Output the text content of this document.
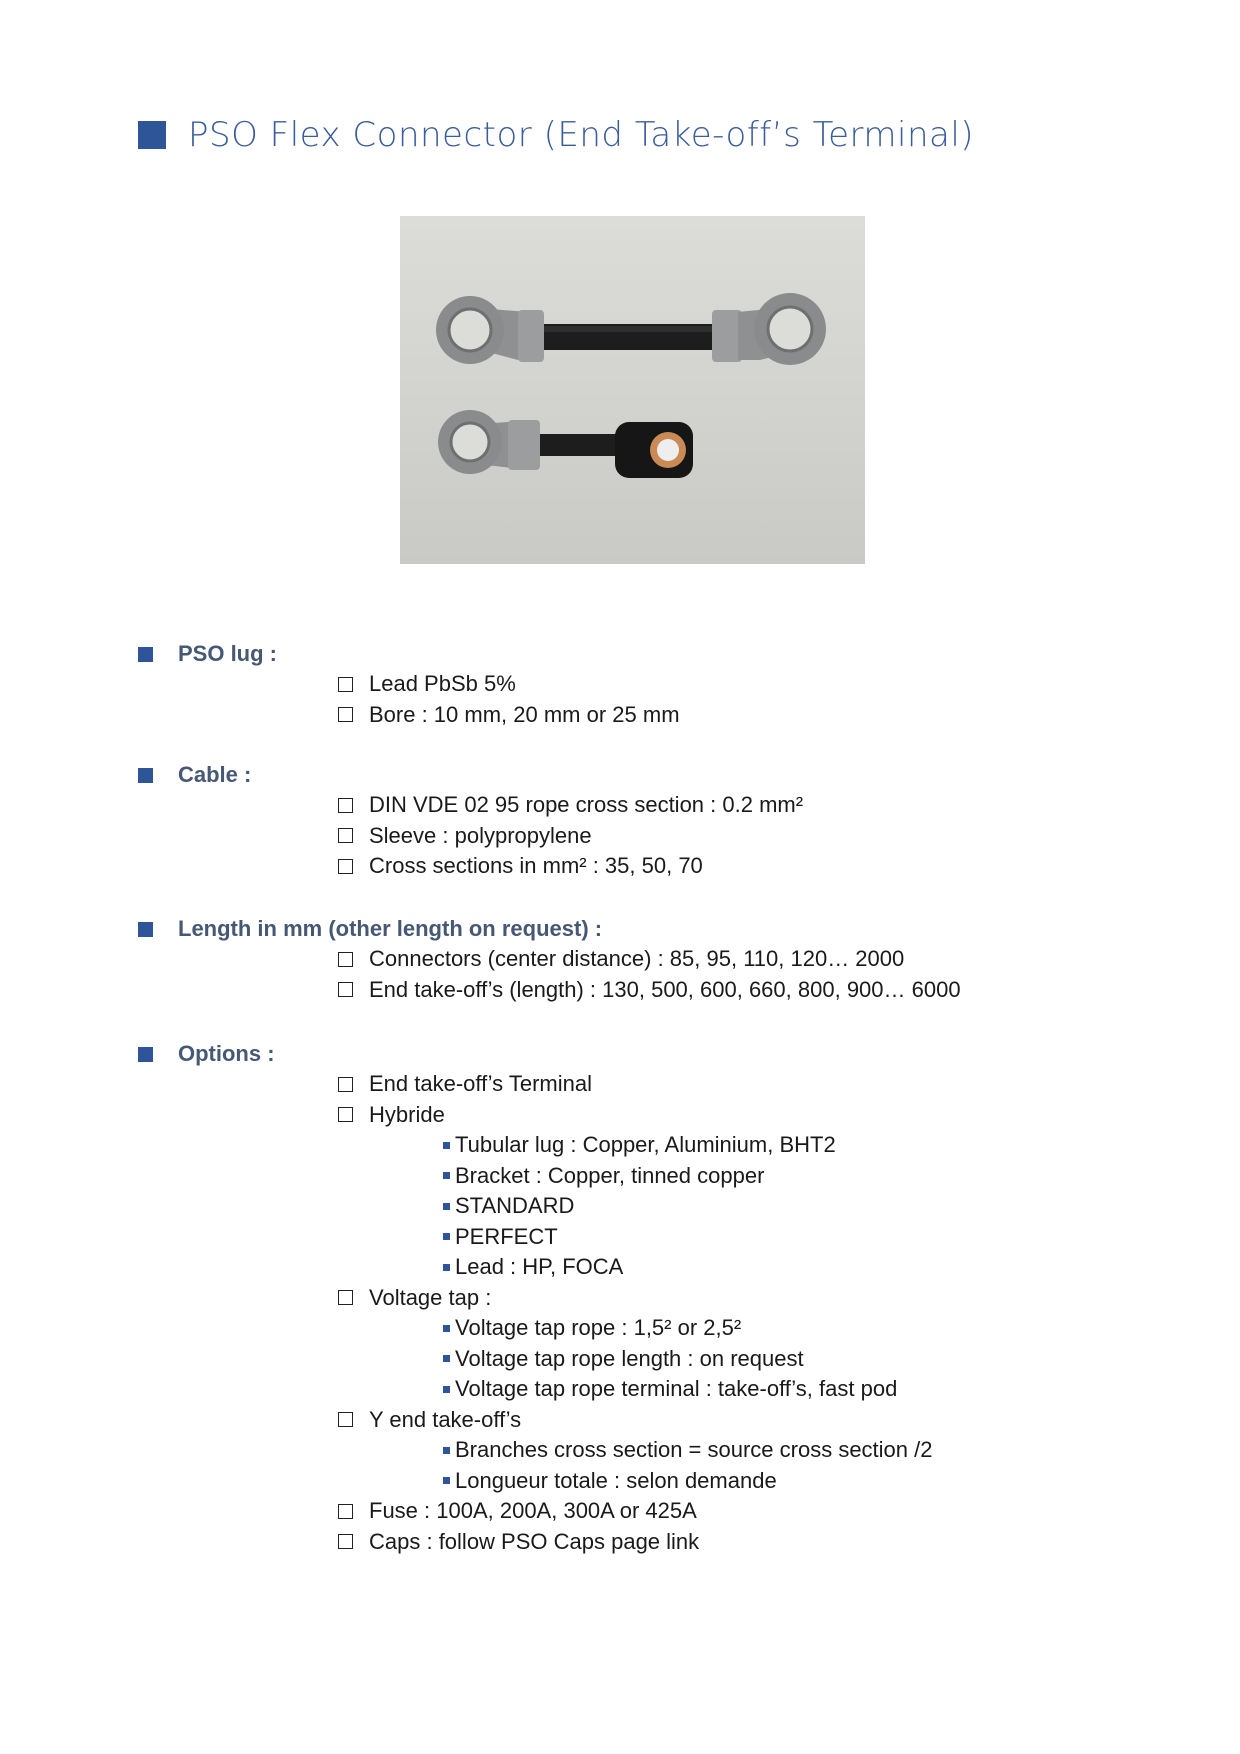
PSO Flex Connector (End Take-off’s Terminal)
PSO lug :
Lead PbSb 5%
Bore : 10 mm, 20 mm or 25 mm
Cable :
DIN VDE 02 95 rope cross section : 0.2 mm²
Sleeve : polypropylene
Cross sections in mm² : 35, 50, 70
Length in mm (other length on request) :
Connectors (center distance) : 85, 95, 110, 120… 2000
End take-off’s (length) : 130, 500, 600, 660, 800, 900… 6000
Options :
End take-off’s Terminal
Hybride
Tubular lug : Copper, Aluminium, BHT2
Bracket : Copper, tinned copper
STANDARD
PERFECT
Lead : HP, FOCA
Voltage tap :
Voltage tap rope : 1,5² or 2,5²
Voltage tap rope length : on request
Voltage tap rope terminal : take-off’s, fast pod
Y end take-off’s
Branches cross section = source cross section /2
Longueur totale : selon demande
Fuse : 100A, 200A, 300A or 425A
Caps : follow PSO Caps page link
